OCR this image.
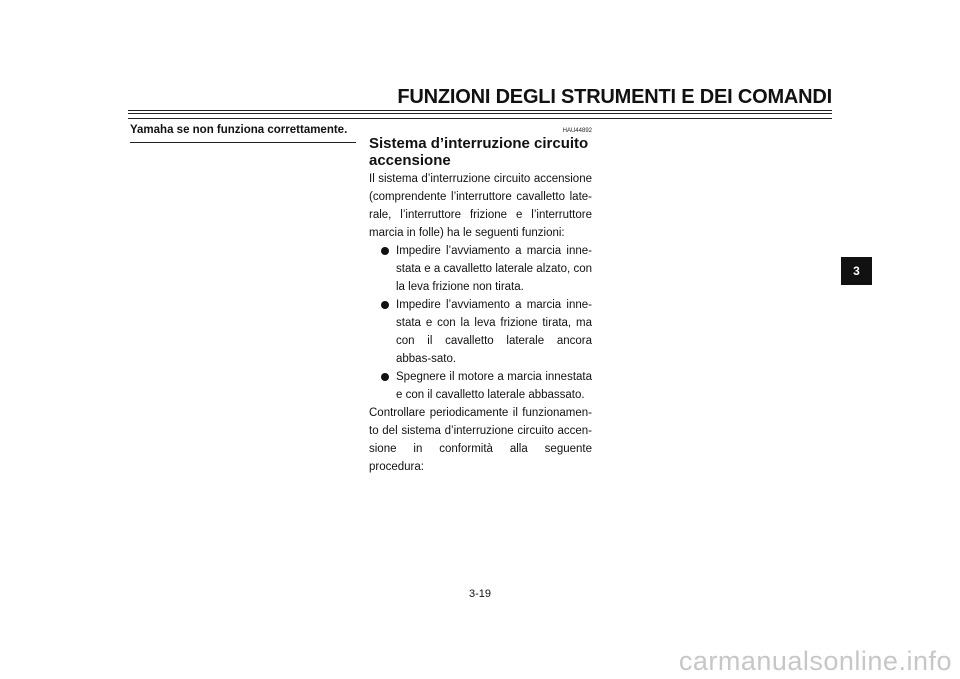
FUNZIONI DEGLI STRUMENTI E DEI COMANDI
Yamaha se non funziona correttamente.	HAU44892
Sistema d’interruzione circuito accensione
Il sistema d’interruzione circuito accensione (comprendente l’interruttore cavalletto late-rale, l’interruttore frizione e l’interruttore marcia in folle) ha le seguenti funzioni:
Impedire l’avviamento a marcia inne-stata e a cavalletto laterale alzato, con la leva frizione non tirata.
Impedire l’avviamento a marcia inne-stata e con la leva frizione tirata, ma con il cavalletto laterale ancora abbas-sato.
Spegnere il motore a marcia innestata e con il cavalletto laterale abbassato.
Controllare periodicamente il funzionamen-to del sistema d’interruzione circuito accen-sione in conformità alla seguente procedura:
3-19
3
carmanualsonline.info
